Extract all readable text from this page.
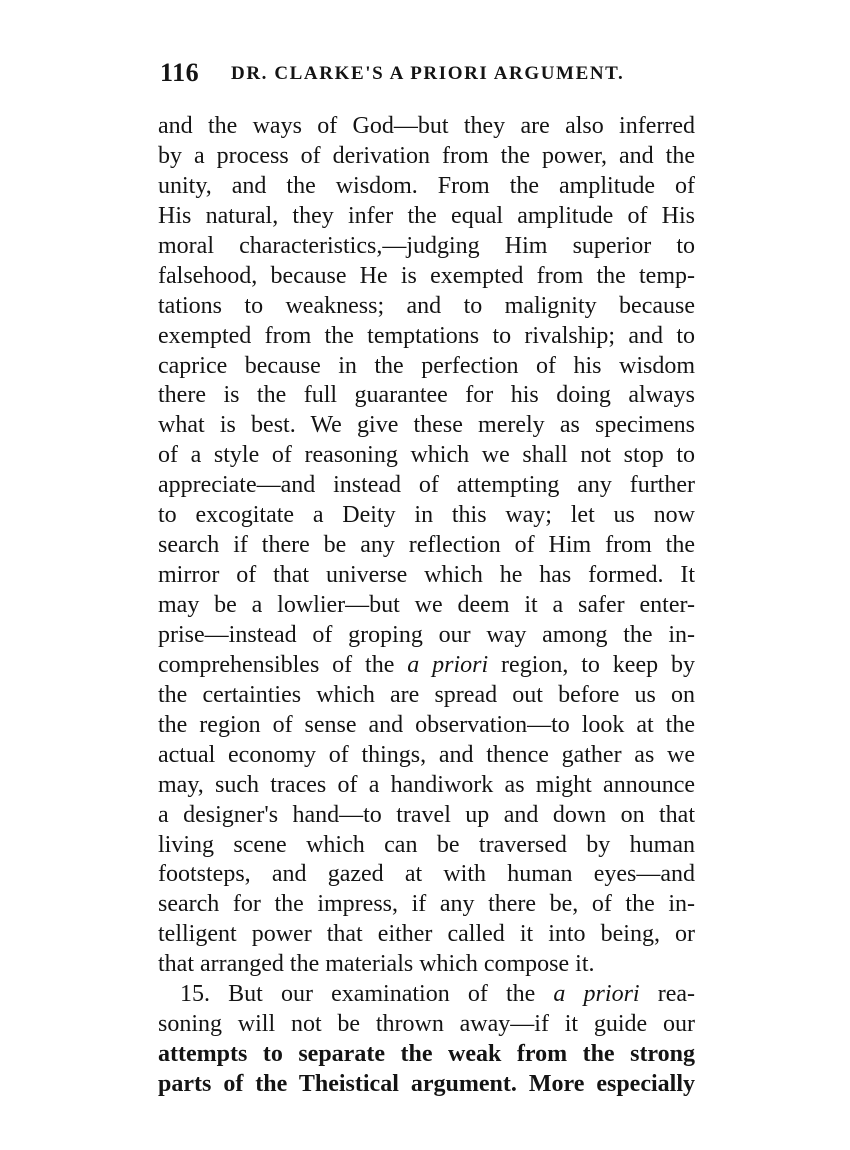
116 DR. CLARKE'S A PRIORI ARGUMENT.
and the ways of God—but they are also inferred
by a process of derivation from the power, and the
unity, and the wisdom. From the amplitude of
His natural, they infer the equal amplitude of His
moral characteristics,—judging Him superior to
falsehood, because He is exempted from the temp-
tations to weakness; and to malignity because
exempted from the temptations to rivalship; and to
caprice because in the perfection of his wisdom
there is the full guarantee for his doing always
what is best. We give these merely as specimens
of a style of reasoning which we shall not stop to
appreciate—and instead of attempting any further
to excogitate a Deity in this way; let us now
search if there be any reflection of Him from the
mirror of that universe which he has formed. It
may be a lowlier—but we deem it a safer enter-
prise—instead of groping our way among the in-
comprehensibles of the a priori region, to keep by
the certainties which are spread out before us on
the region of sense and observation—to look at the
actual economy of things, and thence gather as we
may, such traces of a handiwork as might announce
a designer's hand—to travel up and down on that
living scene which can be traversed by human
footsteps, and gazed at with human eyes—and
search for the impress, if any there be, of the in-
telligent power that either called it into being, or
that arranged the materials which compose it.
15. But our examination of the a priori rea-
soning will not be thrown away—if it guide our
attempts to separate the weak from the strong
parts of the Theistical argument. More especially
